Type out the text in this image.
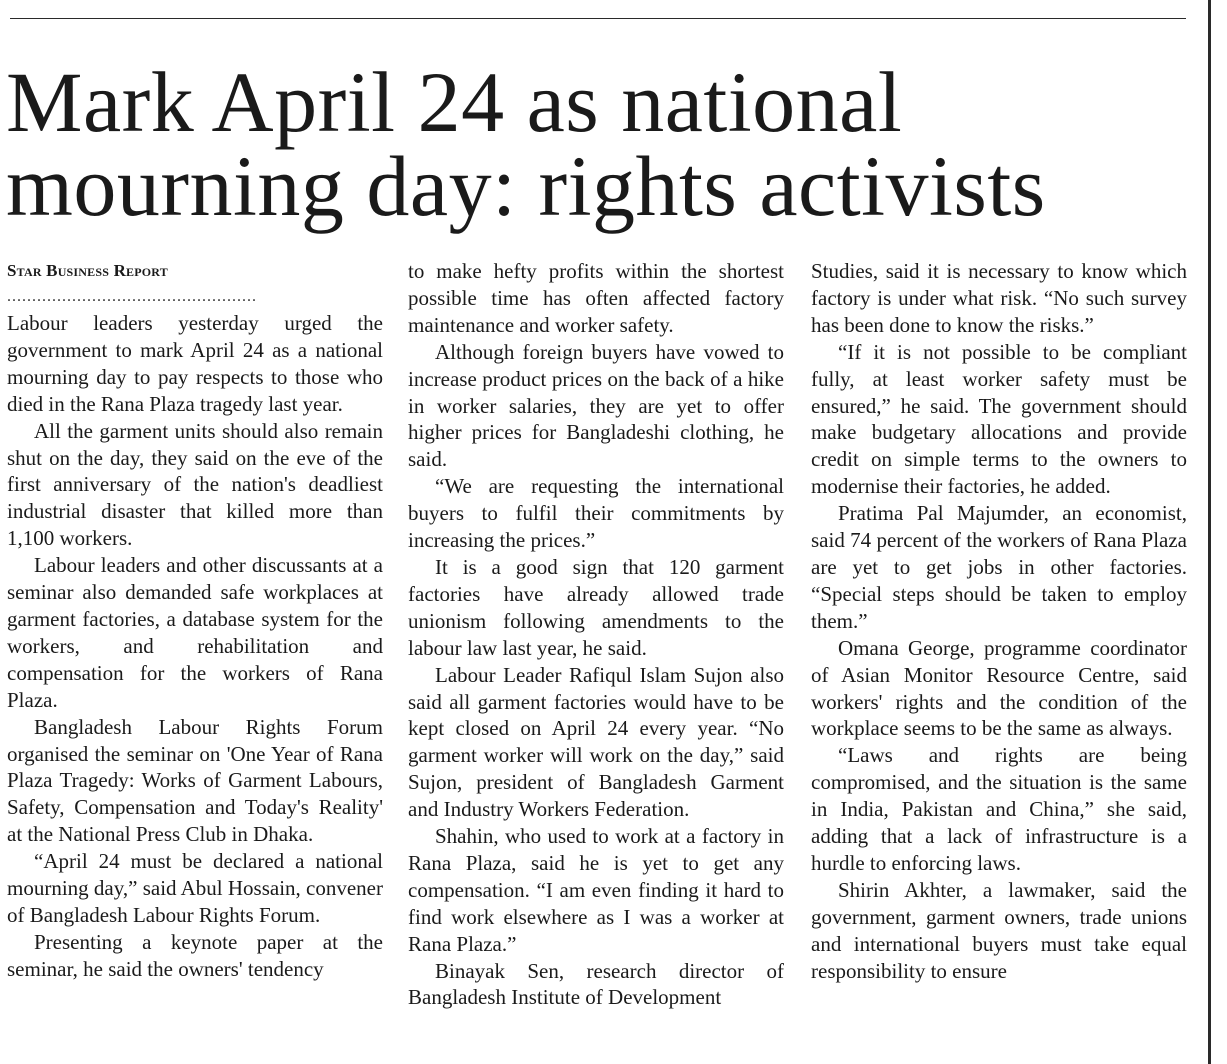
Mark April 24 as national mourning day: rights activists
Star Business Report
..................................................

Labour leaders yesterday urged the government to mark April 24 as a national mourning day to pay respects to those who died in the Rana Plaza tragedy last year.

All the garment units should also remain shut on the day, they said on the eve of the first anniversary of the nation's deadliest industrial disaster that killed more than 1,100 workers.

Labour leaders and other discussants at a seminar also demanded safe workplaces at garment factories, a database system for the workers, and rehabilitation and compensation for the workers of Rana Plaza.

Bangladesh Labour Rights Forum organised the seminar on 'One Year of Rana Plaza Tragedy: Works of Garment Labours, Safety, Compensation and Today's Reality' at the National Press Club in Dhaka.

“April 24 must be declared a national mourning day,” said Abul Hossain, convener of Bangladesh Labour Rights Forum.

Presenting a keynote paper at the seminar, he said the owners' tendency

to make hefty profits within the shortest possible time has often affected factory maintenance and worker safety.

Although foreign buyers have vowed to increase product prices on the back of a hike in worker salaries, they are yet to offer higher prices for Bangladeshi clothing, he said.

“We are requesting the international buyers to fulfil their commitments by increasing the prices.”

It is a good sign that 120 garment factories have already allowed trade unionism following amendments to the labour law last year, he said.

Labour Leader Rafiqul Islam Sujon also said all garment factories would have to be kept closed on April 24 every year. “No garment worker will work on the day,” said Sujon, president of Bangladesh Garment and Industry Workers Federation.

Shahin, who used to work at a factory in Rana Plaza, said he is yet to get any compensation. “I am even finding it hard to find work elsewhere as I was a worker at Rana Plaza.”

Binayak Sen, research director of Bangladesh Institute of Development

Studies, said it is necessary to know which factory is under what risk. “No such survey has been done to know the risks.”

“If it is not possible to be compliant fully, at least worker safety must be ensured,” he said. The government should make budgetary allocations and provide credit on simple terms to the owners to modernise their factories, he added.

Pratima Pal Majumder, an economist, said 74 percent of the workers of Rana Plaza are yet to get jobs in other factories. “Special steps should be taken to employ them.”

Omana George, programme coordinator of Asian Monitor Resource Centre, said workers' rights and the condition of the workplace seems to be the same as always.

“Laws and rights are being compromised, and the situation is the same in India, Pakistan and China,” she said, adding that a lack of infrastructure is a hurdle to enforcing laws.

Shirin Akhter, a lawmaker, said the government, garment owners, trade unions and international buyers must take equal responsibility to ensure
